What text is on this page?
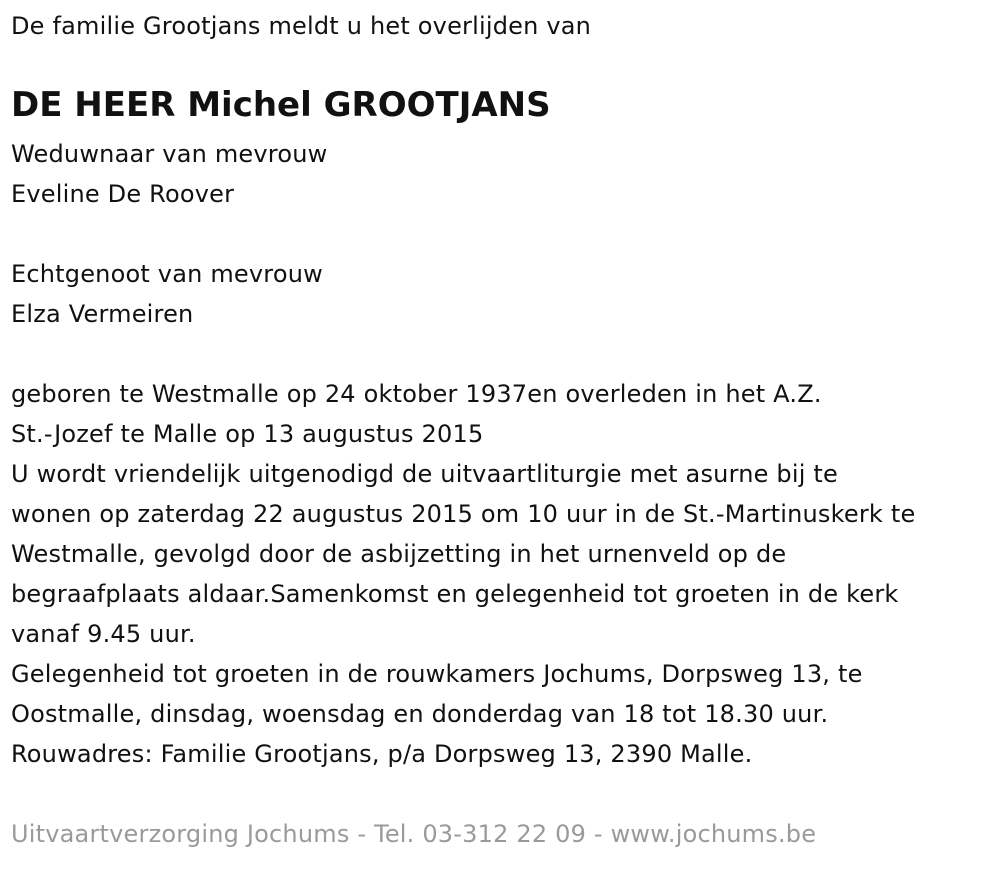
De familie Grootjans meldt u het overlijden van

DE HEER Michel GROOTJANS

Weduwnaar van mevrouw

Eveline De Roover

Echtgenoot van mevrouw

Elza Vermeiren

geboren te Westmalle op 24 oktober 1937en overleden in het A.Z.

St.-Jozef te Malle op 13 augustus 2015

U wordt vriendelijk uitgenodigd de uitvaartliturgie met asurne bij te

wonen op zaterdag 22 augustus 2015 om 10 uur in de St.-Martinuskerk te

Westmalle, gevolgd door de asbijzetting in het urnenveld op de

begraafplaats aldaar.Samenkomst en gelegenheid tot groeten in de kerk

vanaf 9.45 uur.

Gelegenheid tot groeten in de rouwkamers Jochums, Dorpsweg 13, te

Oostmalle, dinsdag, woensdag en donderdag van 18 tot 18.30 uur.

Rouwadres: Familie Grootjans, p/a Dorpsweg 13, 2390 Malle.

Uitvaartverzorging Jochums - Tel. 03-312 22 09 - www.jochums.be
